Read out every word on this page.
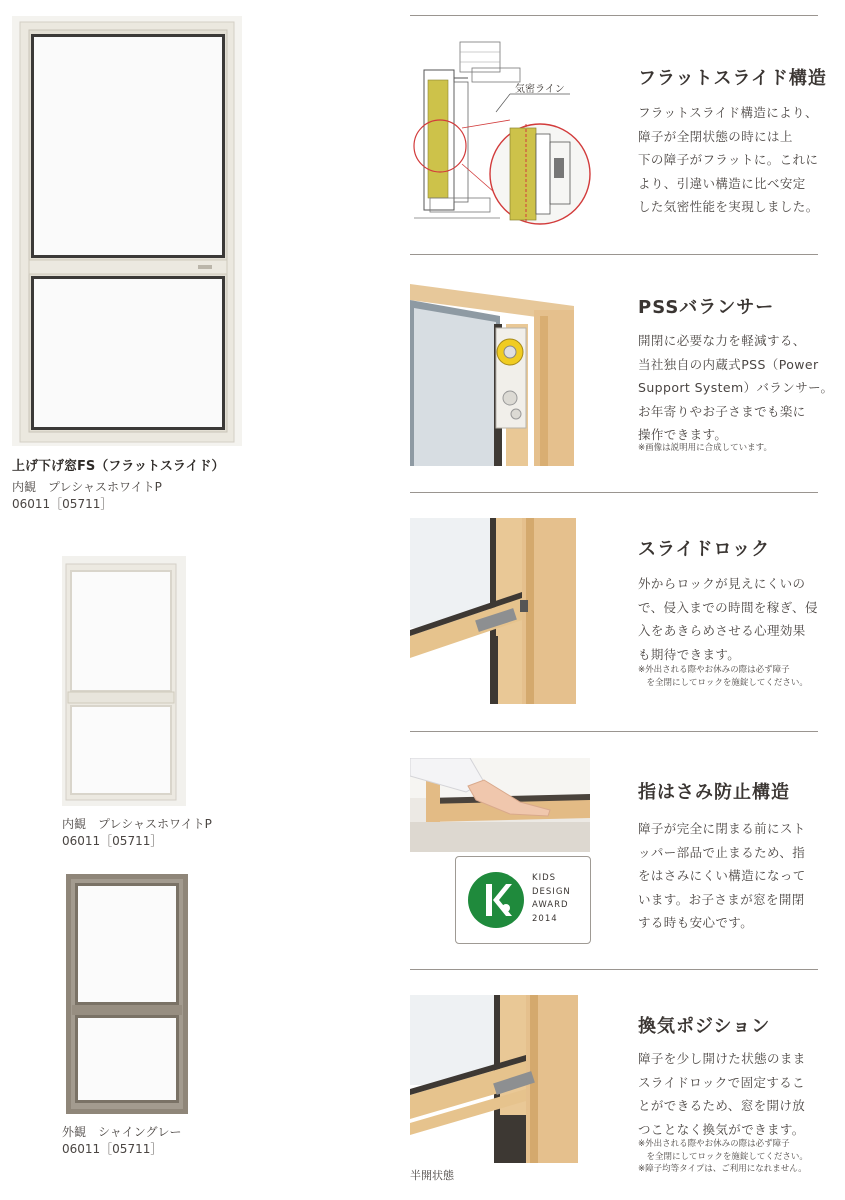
上げ下げ窓FS（フラットスライド）
内観　プレシャスホワイトP
06011［05711］
内観　プレシャスホワイトP
06011［05711］
外観　シャイングレー
06011［05711］
気密ライン
フラットスライド構造
フラットスライド構造により、
障子が全閉状態の時には上
下の障子がフラットに。これに
より、引違い構造に比べ安定
した気密性能を実現しました。
PSSバランサー
開閉に必要な力を軽減する、
当社独自の内蔵式PSS（Power
Support System）バランサー。
お年寄りやお子さまでも楽に
操作できます。
※画像は説明用に合成しています。
スライドロック
外からロックが見えにくいの
で、侵入までの時間を稼ぎ、侵
入をあきらめさせる心理効果
も期待できます。
※外出される際やお休みの際は必ず障子
　を全閉にしてロックを施錠してください。
KIDS
DESIGN
AWARD
2014
指はさみ防止構造
障子が完全に閉まる前にスト
ッパー部品で止まるため、指
をはさみにくい構造になって
います。お子さまが窓を開閉
する時も安心です。
半開状態
換気ポジション
障子を少し開けた状態のまま
スライドロックで固定するこ
とができるため、窓を開け放
つことなく換気ができます。
※外出される際やお休みの際は必ず障子
　を全閉にしてロックを施錠してください。
※障子均等タイプは、ご利用になれません。
